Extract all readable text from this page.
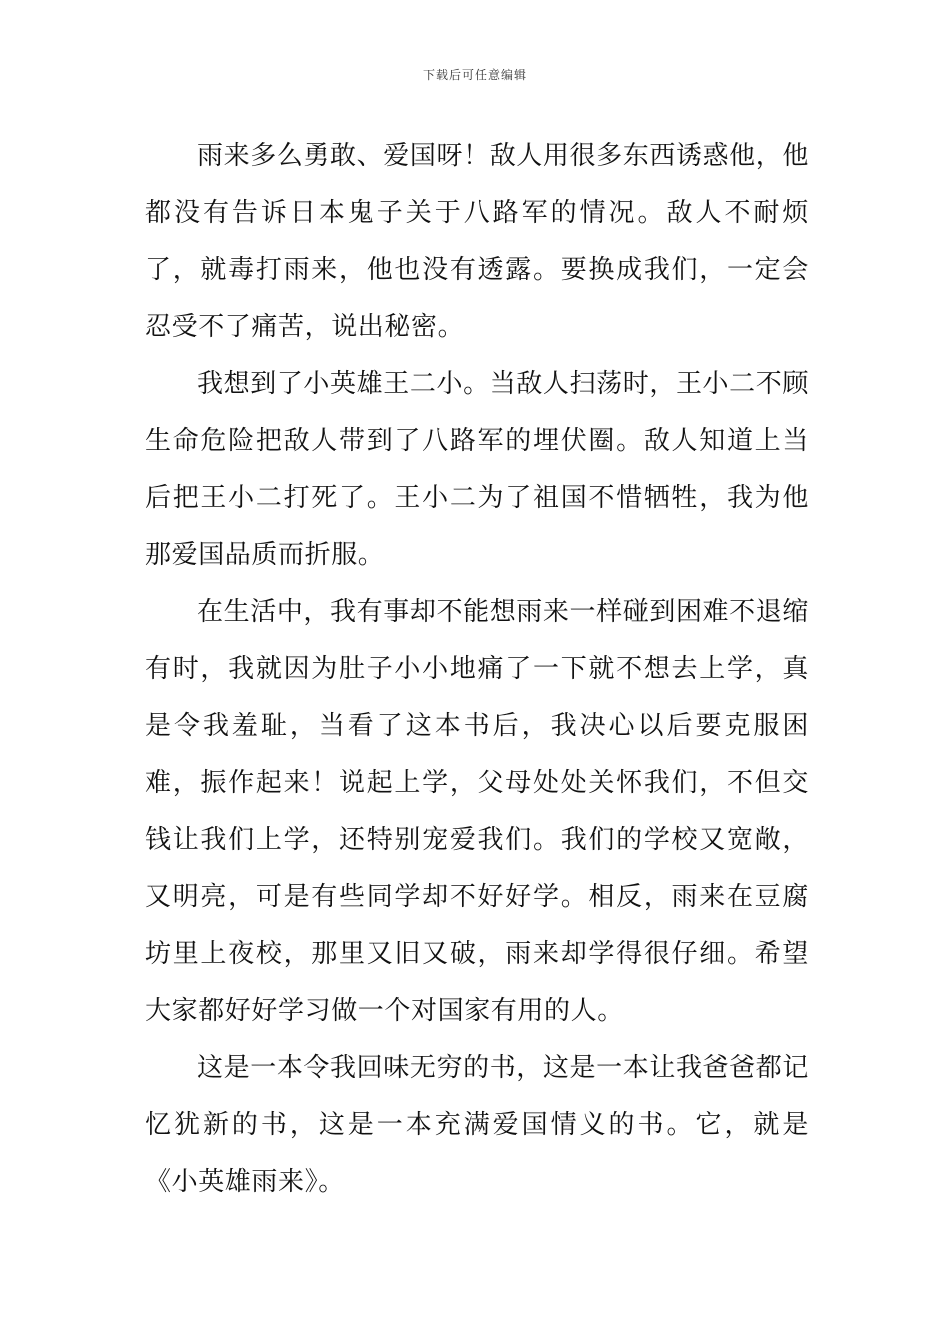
下载后可任意编辑

雨来多么勇敢、爱国呀！敌人用很多东西诱惑他，他都没有告诉日本鬼子关于八路军的情况。敌人不耐烦了，就毒打雨来，他也没有透露。要换成我们，一定会忍受不了痛苦，说出秘密。

我想到了小英雄王二小。当敌人扫荡时，王小二不顾生命危险把敌人带到了八路军的埋伏圈。敌人知道上当后把王小二打死了。王小二为了祖国不惜牺牲，我为他那爱国品质而折服。

在生活中，我有事却不能想雨来一样碰到困难不退缩有时，我就因为肚子小小地痛了一下就不想去上学，真是令我羞耻，当看了这本书后，我决心以后要克服困难，振作起来！说起上学，父母处处关怀我们，不但交钱让我们上学，还特别宠爱我们。我们的学校又宽敞，又明亮，可是有些同学却不好好学。相反，雨来在豆腐坊里上夜校，那里又旧又破，雨来却学得很仔细。希望大家都好好学习做一个对国家有用的人。

这是一本令我回味无穷的书，这是一本让我爸爸都记忆犹新的书，这是一本充满爱国情义的书。它，就是《小英雄雨来》。
